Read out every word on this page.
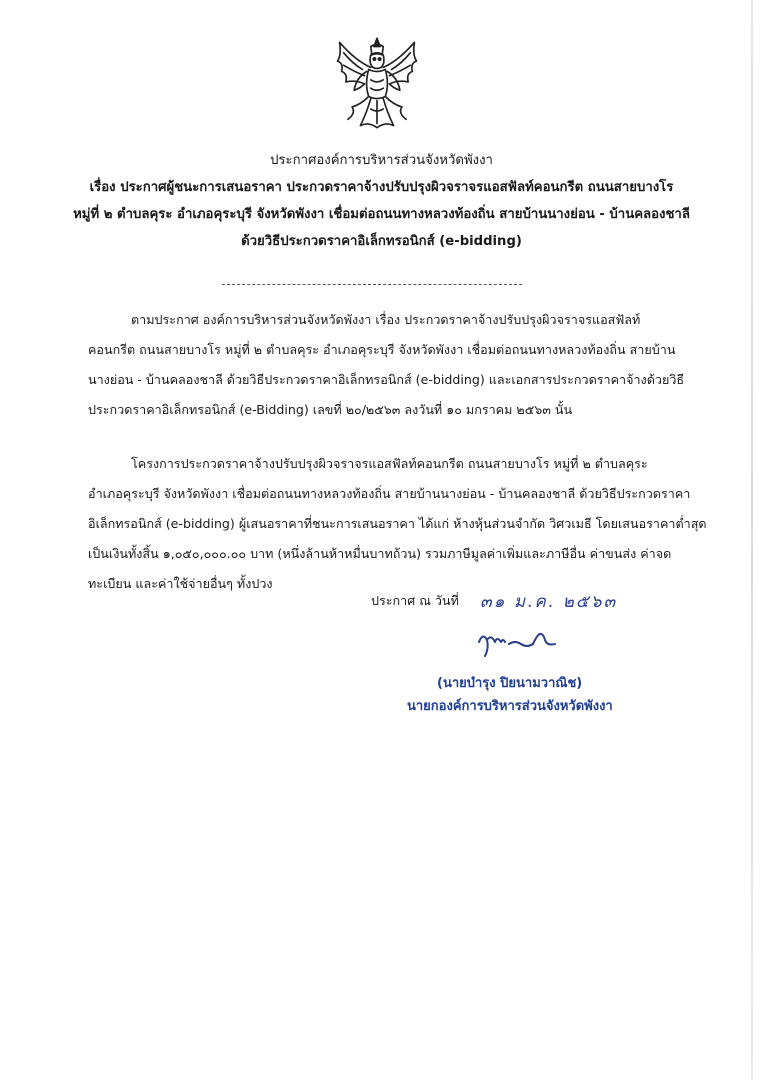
ประกาศองค์การบริหารส่วนจังหวัดพังงา
เรื่อง ประกาศผู้ชนะการเสนอราคา ประกวดราคาจ้างปรับปรุงผิวจราจรแอสฟัลท์คอนกรีต ถนนสายบางโร
หมู่ที่ ๒ ตำบลคุระ อำเภอคุระบุรี จังหวัดพังงา เชื่อมต่อถนนทางหลวงท้องถิ่น สายบ้านนางย่อน - บ้านคลองชาลี
ด้วยวิธีประกวดราคาอิเล็กทรอนิกส์ (e-bidding)
ตามประกาศ องค์การบริหารส่วนจังหวัดพังงา เรื่อง ประกวดราคาจ้างปรับปรุงผิวจราจรแอสฟัลท์
คอนกรีต ถนนสายบางโร หมู่ที่ ๒ ตำบลคุระ อำเภอคุระบุรี จังหวัดพังงา เชื่อมต่อถนนทางหลวงท้องถิ่น สายบ้าน
นางย่อน - บ้านคลองชาลี ด้วยวิธีประกวดราคาอิเล็กทรอนิกส์ (e-bidding) และเอกสารประกวดราคาจ้างด้วยวิธี
ประกวดราคาอิเล็กทรอนิกส์ (e-Bidding) เลขที่ ๒๐/๒๕๖๓ ลงวันที่ ๑๐ มกราคม ๒๕๖๓ นั้น
โครงการประกวดราคาจ้างปรับปรุงผิวจราจรแอสฟัลท์คอนกรีต ถนนสายบางโร หมู่ที่ ๒ ตำบลคุระ
อำเภอคุระบุรี จังหวัดพังงา เชื่อมต่อถนนทางหลวงท้องถิ่น สายบ้านนางย่อน - บ้านคลองชาลี ด้วยวิธีประกวดราคา
อิเล็กทรอนิกส์ (e-bidding) ผู้เสนอราคาที่ชนะการเสนอราคา ได้แก่ ห้างหุ้นส่วนจำกัด วิศวเมธี โดยเสนอราคาต่ำสุด
เป็นเงินทั้งสิ้น ๑,๐๕๐,๐๐๐.๐๐ บาท (หนึ่งล้านห้าหมื่นบาทถ้วน) รวมภาษีมูลค่าเพิ่มและภาษีอื่น ค่าขนส่ง ค่าจด
ทะเบียน และค่าใช้จ่ายอื่นๆ ทั้งปวง
ประกาศ ณ วันที่ ๓๑ ม.ค. ๒๕๖๓
(นายบำรุง ปิยนามวาณิช)
นายกองค์การบริหารส่วนจังหวัดพังงา
